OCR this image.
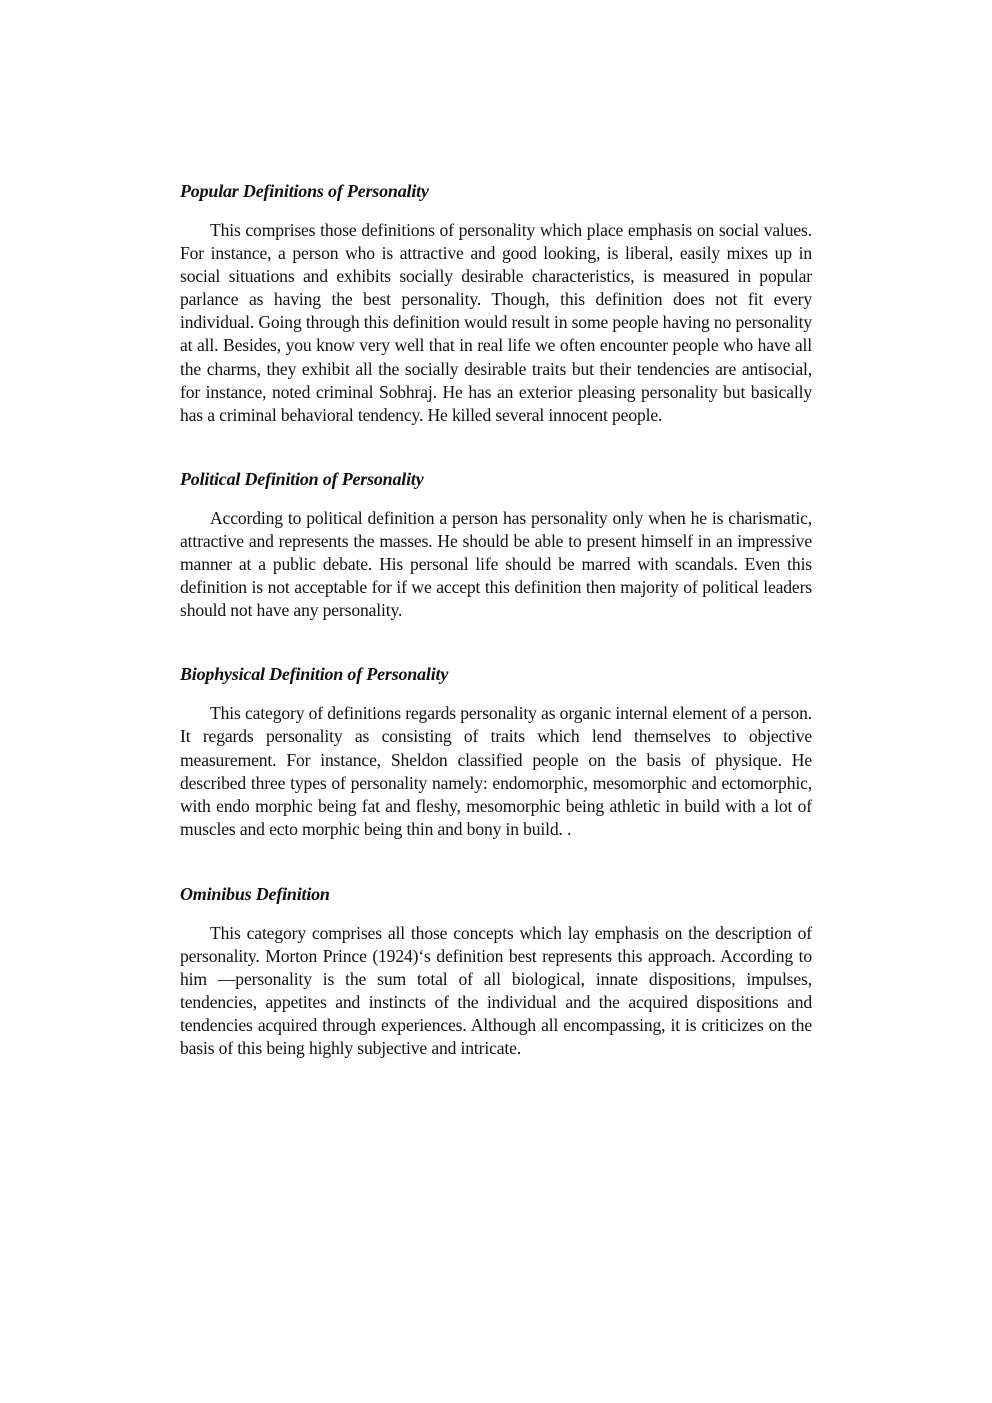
Popular Definitions of Personality

This comprises those definitions of personality which place emphasis on social values. For instance, a person who is attractive and good looking, is liberal, easily mixes up in social situations and exhibits socially desirable characteristics, is measured in popular parlance as having the best personality. Though, this definition does not fit every individual. Going through this definition would result in some people having no personality at all. Besides, you know very well that in real life we often encounter people who have all the charms, they exhibit all the socially desirable traits but their tendencies are antisocial, for instance, noted criminal Sobhraj. He has an exterior pleasing personality but basically has a criminal behavioral tendency. He killed several innocent people.

Political Definition of Personality

According to political definition a person has personality only when he is charismatic, attractive and represents the masses. He should be able to present himself in an impressive manner at a public debate. His personal life should be marred with scandals. Even this definition is not acceptable for if we accept this definition then majority of political leaders should not have any personality.

Biophysical Definition of Personality

This category of definitions regards personality as organic internal element of a person. It regards personality as consisting of traits which lend themselves to objective measurement. For instance, Sheldon classified people on the basis of physique. He described three types of personality namely: endomorphic, mesomorphic and ectomorphic, with endo morphic being fat and fleshy, mesomorphic being athletic in build with a lot of muscles and ecto morphic being thin and bony in build. .

Ominibus Definition

This category comprises all those concepts which lay emphasis on the description of personality. Morton Prince (1924)‘s definition best represents this approach. According to him ―personality is the sum total of all biological, innate dispositions, impulses, tendencies, appetites and instincts of the individual and the acquired dispositions and tendencies acquired through experiences. Although all encompassing, it is criticizes on the basis of this being highly subjective and intricate.
